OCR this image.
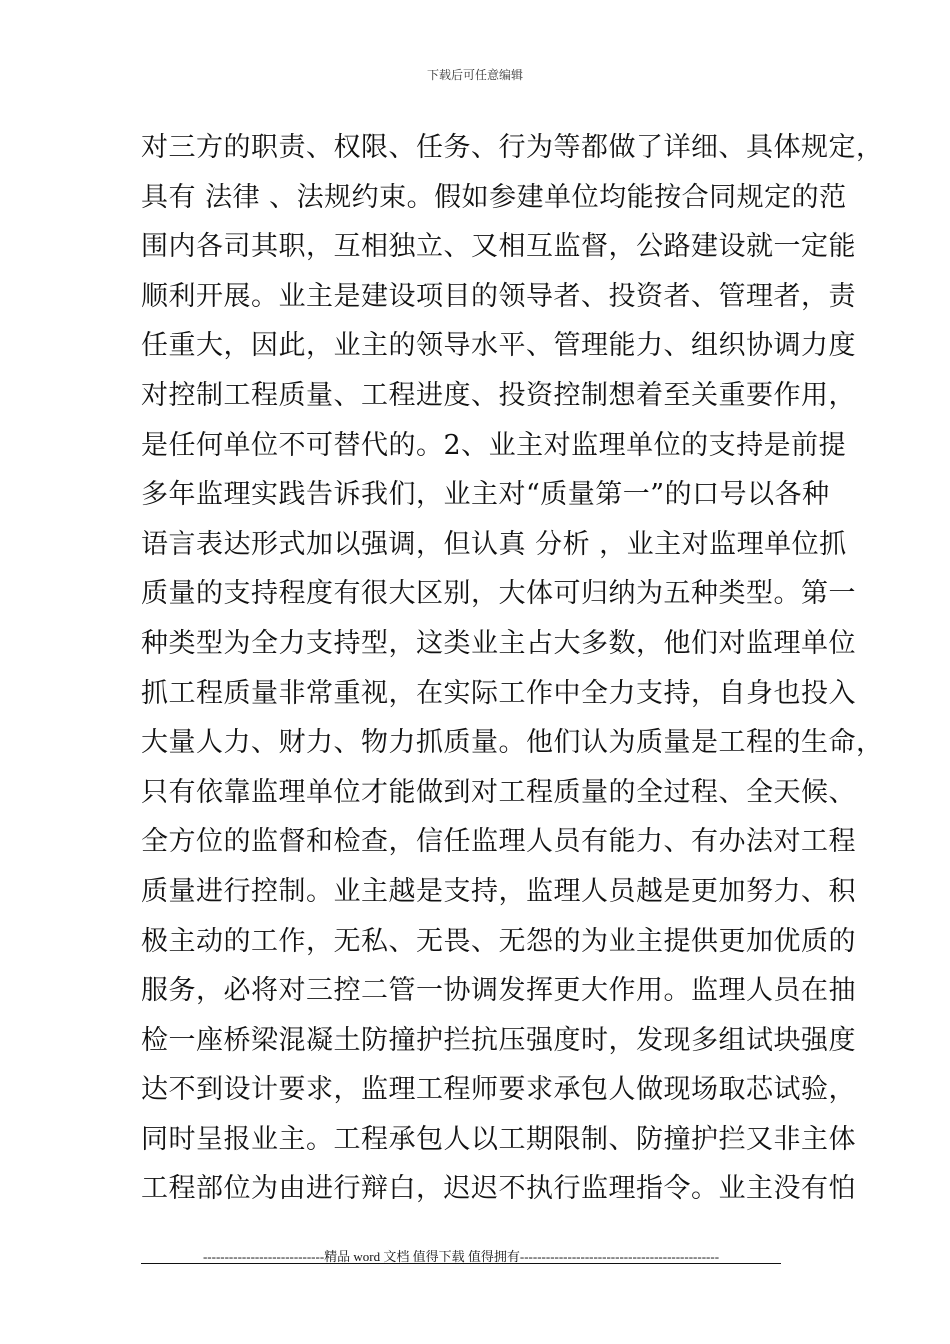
下载后可任意编辑
对三方的职责、权限、任务、行为等都做了详细、具体规定，
具有 法律 、法规约束。假如参建单位均能按合同规定的范
围内各司其职，互相独立、又相互监督，公路建设就一定能
顺利开展。业主是建设项目的领导者、投资者、管理者，责
任重大，因此，业主的领导水平、管理能力、组织协调力度
对控制工程质量、工程进度、投资控制想着至关重要作用，
是任何单位不可替代的。2、业主对监理单位的支持是前提
多年监理实践告诉我们，业主对“质量第一”的口号以各种
语言表达形式加以强调，但认真 分析 ，业主对监理单位抓
质量的支持程度有很大区别，大体可归纳为五种类型。第一
种类型为全力支持型，这类业主占大多数，他们对监理单位
抓工程质量非常重视，在实际工作中全力支持，自身也投入
大量人力、财力、物力抓质量。他们认为质量是工程的生命，
只有依靠监理单位才能做到对工程质量的全过程、全天候、
全方位的监督和检查，信任监理人员有能力、有办法对工程
质量进行控制。业主越是支持，监理人员越是更加努力、积
极主动的工作，无私、无畏、无怨的为业主提供更加优质的
服务，必将对三控二管一协调发挥更大作用。监理人员在抽
检一座桥梁混凝土防撞护拦抗压强度时，发现多组试块强度
达不到设计要求，监理工程师要求承包人做现场取芯试验，
同时呈报业主。工程承包人以工期限制、防撞护拦又非主体
工程部位为由进行辩白，迟迟不执行监理指令。业主没有怕
----------------------------精品 word 文档 值得下载 值得拥有----------------------------------------------
